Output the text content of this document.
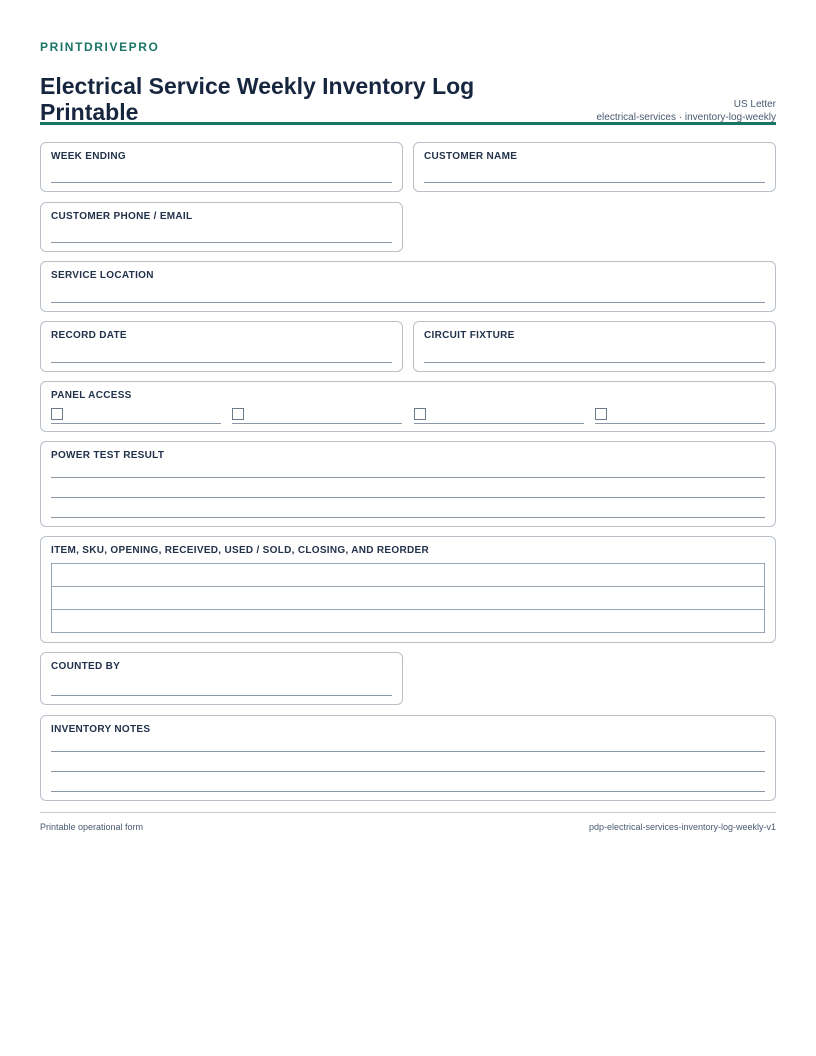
PRINTDRIVEPRO
Electrical Service Weekly Inventory Log Printable	US Letter
electrical-services · inventory-log-weekly
WEEK ENDING	CUSTOMER NAME
CUSTOMER PHONE / EMAIL
SERVICE LOCATION
RECORD DATE	CIRCUIT FIXTURE
PANEL ACCESS
POWER TEST RESULT
ITEM, SKU, OPENING, RECEIVED, USED / SOLD, CLOSING, AND REORDER

COUNTED BY
INVENTORY NOTES
Printable operational form	pdp-electrical-services-inventory-log-weekly-v1
